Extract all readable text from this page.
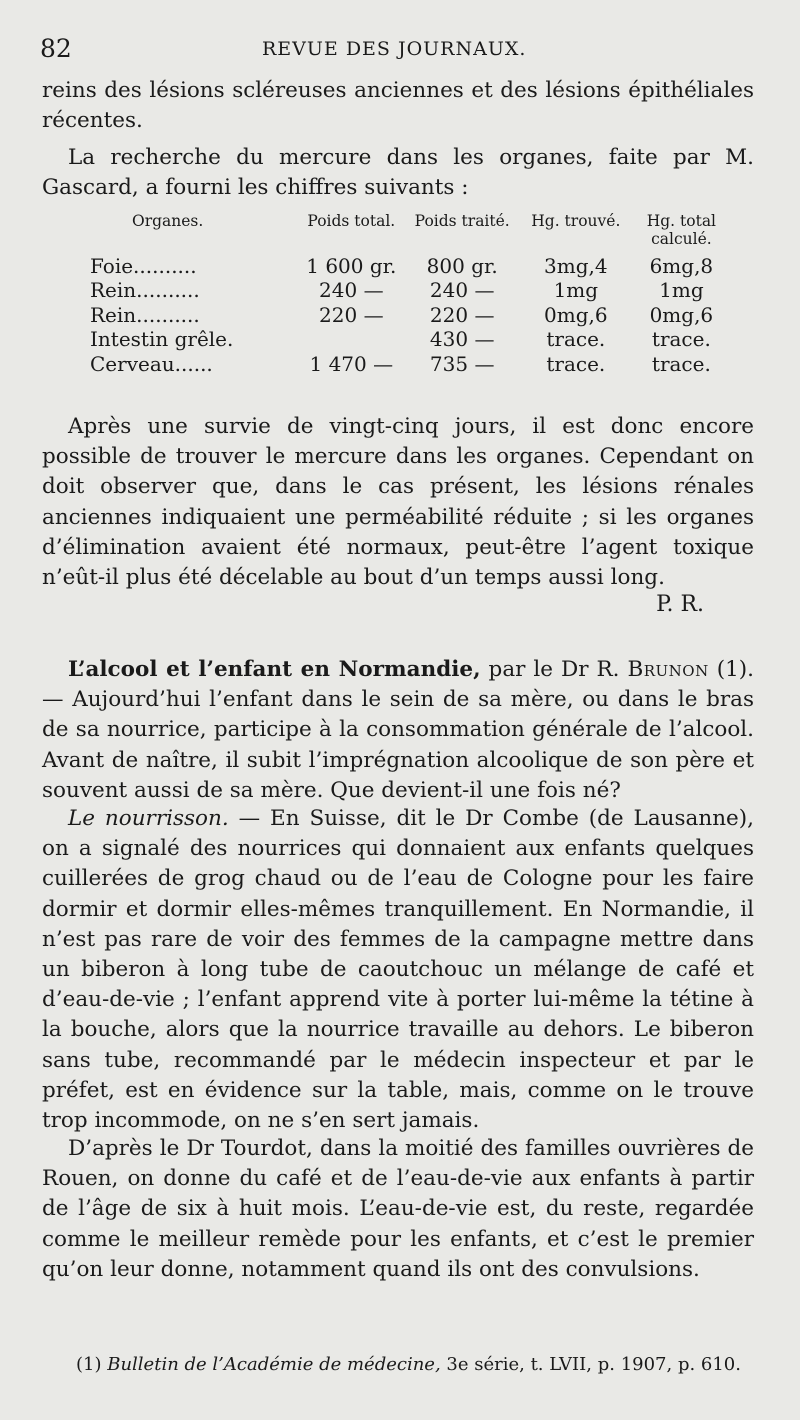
82	REVUE DES JOURNAUX.
reins des lésions scléreuses anciennes et des lésions épithéliales récentes.
La recherche du mercure dans les organes, faite par M. Gascard, a fourni les chiffres suivants :
Organes.	Poids total.	Poids traité.	Hg. trouvé.	Hg. total calculé.
Foie..........	1 600 gr.	800 gr.	3mg,4	6mg,8
Rein..........	240 —	240 —	1mg	1mg
Rein..........	220 —	220 —	0mg,6	0mg,6
Intestin grêle.		430 —	trace.	trace.
Cerveau......	1 470 —	735 —	trace.	trace.
Après une survie de vingt-cinq jours, il est donc encore possible de trouver le mercure dans les organes. Cependant on doit observer que, dans le cas présent, les lésions rénales anciennes indiquaient une perméabilité réduite ; si les organes d’élimination avaient été normaux, peut-être l’agent toxique n’eût-il plus été décelable au bout d’un temps aussi long.
P. R.
L’alcool et l’enfant en Normandie, par le Dr R. Brunon (1). — Aujourd’hui l’enfant dans le sein de sa mère, ou dans le bras de sa nourrice, participe à la consommation générale de l’alcool. Avant de naître, il subit l’imprégnation alcoolique de son père et souvent aussi de sa mère. Que devient-il une fois né?
Le nourrisson. — En Suisse, dit le Dr Combe (de Lausanne), on a signalé des nourrices qui donnaient aux enfants quelques cuillerées de grog chaud ou de l’eau de Cologne pour les faire dormir et dormir elles-mêmes tranquillement. En Normandie, il n’est pas rare de voir des femmes de la campagne mettre dans un biberon à long tube de caoutchouc un mélange de café et d’eau-de-vie ; l’enfant apprend vite à porter lui-même la tétine à la bouche, alors que la nourrice travaille au dehors. Le biberon sans tube, recommandé par le médecin inspecteur et par le préfet, est en évidence sur la table, mais, comme on le trouve trop incommode, on ne s’en sert jamais.
D’après le Dr Tourdot, dans la moitié des familles ouvrières de Rouen, on donne du café et de l’eau-de-vie aux enfants à partir de l’âge de six à huit mois. L’eau-de-vie est, du reste, regardée comme le meilleur remède pour les enfants, et c’est le premier qu’on leur donne, notamment quand ils ont des convulsions.
(1) Bulletin de l’Académie de médecine, 3e série, t. LVII, p. 1907, p. 610.
